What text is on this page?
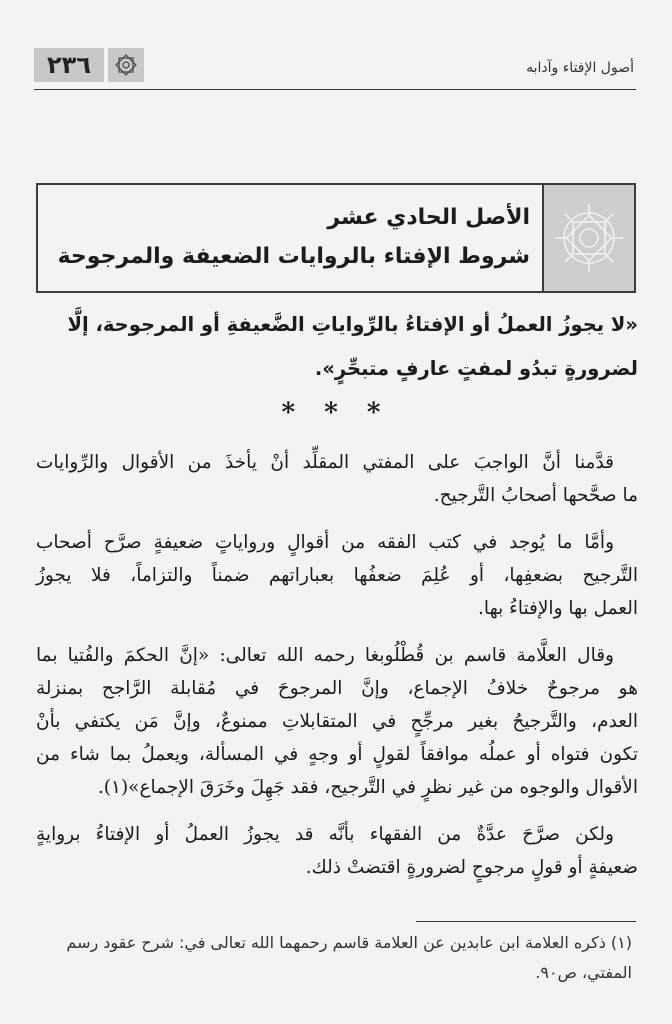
٢٣٦	أصول الإفتاء وآدابه
الأصل الحادي عشر
شروط الإفتاء بالروايات الضعيفة والمرجوحة
«لا يجوزُ العملُ أو الإفتاءُ بالرِّواياتِ الضَّعيفةِ أو المرجوحة، إلَّا
لضرورةٍ تبدُو لمفتٍ عارفٍ متبحِّرٍ».
* * *
قدَّمنا أنَّ الواجبَ على المفتي المقلِّد أنْ يأخذَ من الأقوال والرِّوايات
ما صحَّحها أصحابُ التَّرجيح.
وأمَّا ما يُوجد في كتب الفقه من أقوالٍ ورواياتٍ ضعيفةٍ صرَّح أصحاب
التَّرجيح بضعفِها، أو عُلِمَ ضعفُها بعباراتهم ضمناً والتزاماً، فلا يجوزُ
العمل بها والإفتاءُ بها.
وقال العلَّامة قاسم بن قُطْلُوبغا رحمه الله تعالى: «إنَّ الحكمَ والفُتيا بما
هو مرجوحٌ خلافُ الإجماع، وإنَّ المرجوحَ في مُقابلة الرَّاجح بمنزلة
العدم، والتَّرجيحُ بغير مرجِّحٍ في المتقابلاتِ ممنوعٌ، وإنَّ مَن يكتفي بأنْ
تكون فتواه أو عملُه موافقاً لقولٍ أو وجهٍ في المسألة، ويعملُ بما شاء من
الأقوال والوجوه من غير نظرٍ في التَّرجيح، فقد جَهِلَ وخَرَقَ الإجماع»(١).
ولكن صرَّحَ عدَّةٌ من الفقهاء بأنَّه قد يجوزُ العملُ أو الإفتاءُ بروايةٍ
ضعيفةٍ أو قولٍ مرجوحٍ لضرورةٍ اقتضتْ ذلك.
(١) ذكره العلامة ابن عابدين عن العلامة قاسم رحمهما الله تعالى في: شرح عقود رسم
المفتي، ص٩٠.
